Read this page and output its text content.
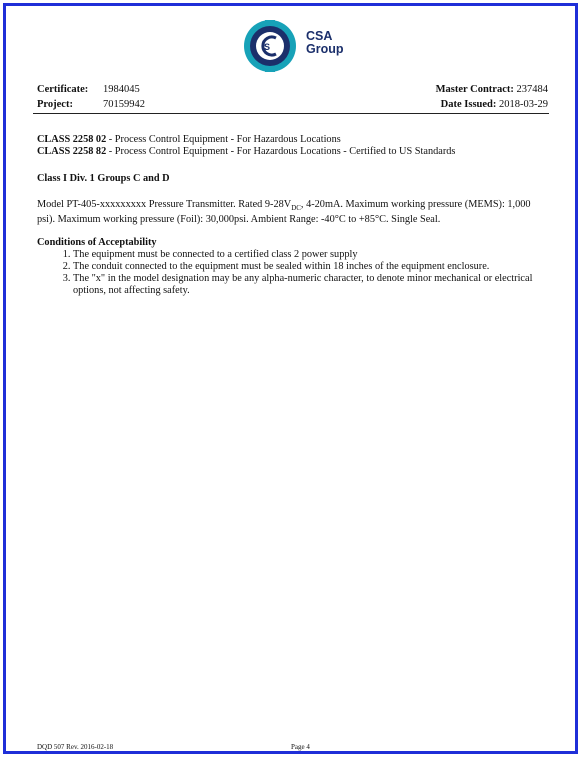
S
CSA
Group
Certificate: 1984045
Project:	70159942
Master Contract: 237484
Date Issued: 2018-03-29
CLASS 2258 02 - Process Control Equipment - For Hazardous Locations
CLASS 2258 82 - Process Control Equipment - For Hazardous Locations - Certified to US Standards
Class I Div. 1 Groups C and D
Model PT-405-xxxxxxxxx Pressure Transmitter. Rated $9-28V_{DC}$, 4-20mA. Maximum working pressure (MEMS): 1,000 psi). Maximum working pressure (Foil): 30,000psi. Ambient Range: -40°C to +85°C. Single Seal.
Conditions of Acceptability
1. The equipment must be connected to a certified class 2 power supply
2. The conduit connected to the equipment must be sealed within 18 inches of the equipment enclosure.
3. The "x" in the model designation may be any alpha-numeric character, to denote minor mechanical or electrical options, not affecting safety.
DQD 507 Rev. 2016-02-18	Page 4
